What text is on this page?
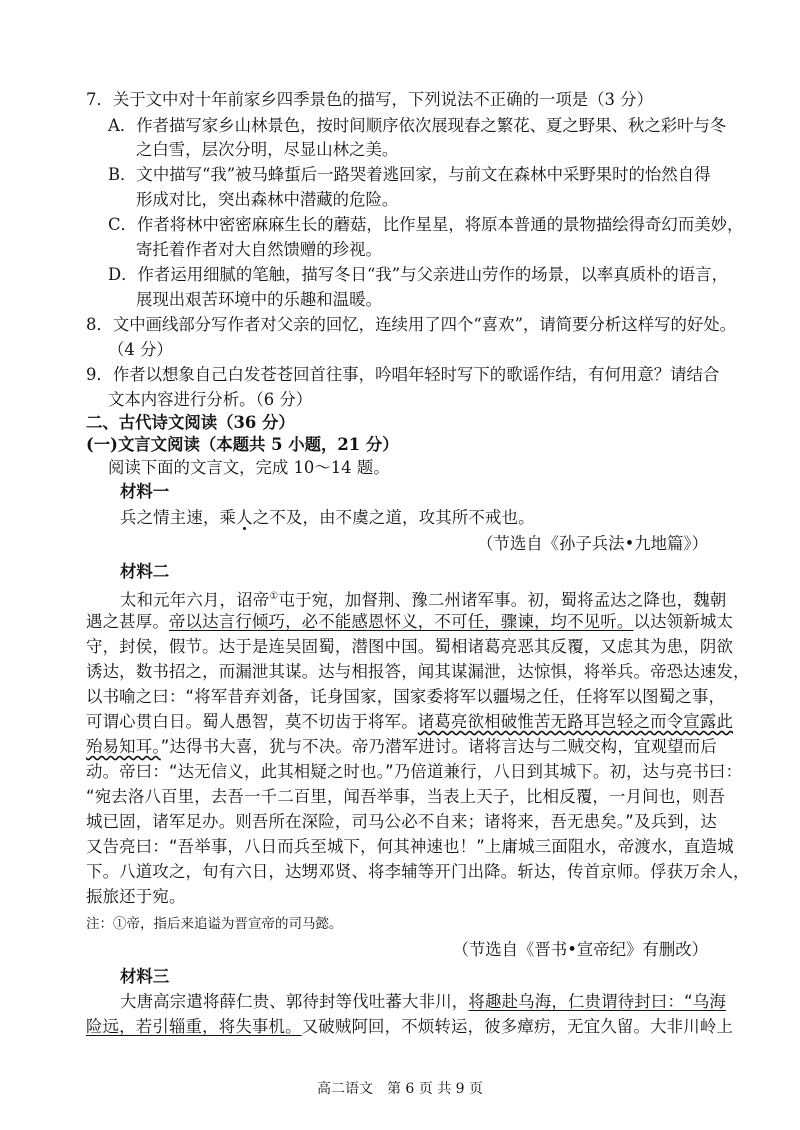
7．关于文中对十年前家乡四季景色的描写，下列说法不正确的一项是（3 分）
A．作者描写家乡山林景色，按时间顺序依次展现春之繁花、夏之野果、秋之彩叶与冬
之白雪，层次分明，尽显山林之美。
B．文中描写“我”被马蜂蜇后一路哭着逃回家，与前文在森林中采野果时的怡然自得
形成对比，突出森林中潜藏的危险。
C．作者将林中密密麻麻生长的蘑菇，比作星星，将原本普通的景物描绘得奇幻而美妙，
寄托着作者对大自然馈赠的珍视。
D．作者运用细腻的笔触，描写冬日“我”与父亲进山劳作的场景，以率真质朴的语言，
展现出艰苦环境中的乐趣和温暖。
8．文中画线部分写作者对父亲的回忆，连续用了四个“喜欢”，请简要分析这样写的好处。
（4 分）
9．作者以想象自己白发苍苍回首往事，吟唱年轻时写下的歌谣作结，有何用意？请结合
文本内容进行分析。（6 分）
二、古代诗文阅读（36 分）
(一)文言文阅读（本题共 5 小题，21 分）
阅读下面的文言文，完成 10～14 题。
材料一
兵之情主速，乘人之不及，由不虞之道，攻其所不戒也。
（节选自《孙子兵法•九地篇》）
材料二
太和元年六月，诏帝①屯于宛，加督荆、豫二州诸军事。初，蜀将孟达之降也，魏朝
遇之甚厚。帝以达言行倾巧，必不能感恩怀义，不可任，骤谏，均不见听。以达领新城太
守，封侯，假节。达于是连吴固蜀，潜图中国。蜀相诸葛亮恶其反覆，又虑其为患，阴欲
诱达，数书招之，而漏泄其谋。达与相报答，闻其谋漏泄，达惊惧，将举兵。帝恐达速发，
以书喻之曰：“将军昔弃刘备，讬身国家，国家委将军以疆埸之任，任将军以图蜀之事，
可谓心贯白日。蜀人愚智，莫不切齿于将军。诸葛亮欲相破惟苦无路耳岂轻之而令宣露此
殆易知耳。”达得书大喜，犹与不决。帝乃潜军进讨。诸将言达与二贼交构，宜观望而后
动。帝曰：“达无信义，此其相疑之时也。”乃倍道兼行，八日到其城下。初，达与亮书曰：
“宛去洛八百里，去吾一千二百里，闻吾举事，当表上天子，比相反覆，一月间也，则吾
城已固，诸军足办。则吾所在深险，司马公必不自来；诸将来，吾无患矣。”及兵到，达
又告亮曰：“吾举事，八日而兵至城下，何其神速也！”上庸城三面阻水，帝渡水，直造城
下。八道攻之，旬有六日，达甥邓贤、将李辅等开门出降。斩达，传首京师。俘获万余人，
振旅还于宛。
注：①帝，指后来追谥为晋宣帝的司马懿。
（节选自《晋书•宣帝纪》有删改）
材料三
大唐高宗遣将薛仁贵、郭待封等伐吐蕃大非川，将趣赴乌海，仁贵谓待封曰：“乌海
险远，若引辎重，将失事机。又破贼阿回，不烦转运，彼多瘴疠，无宜久留。大非川岭上
高二语文　第 6 页 共 9 页
